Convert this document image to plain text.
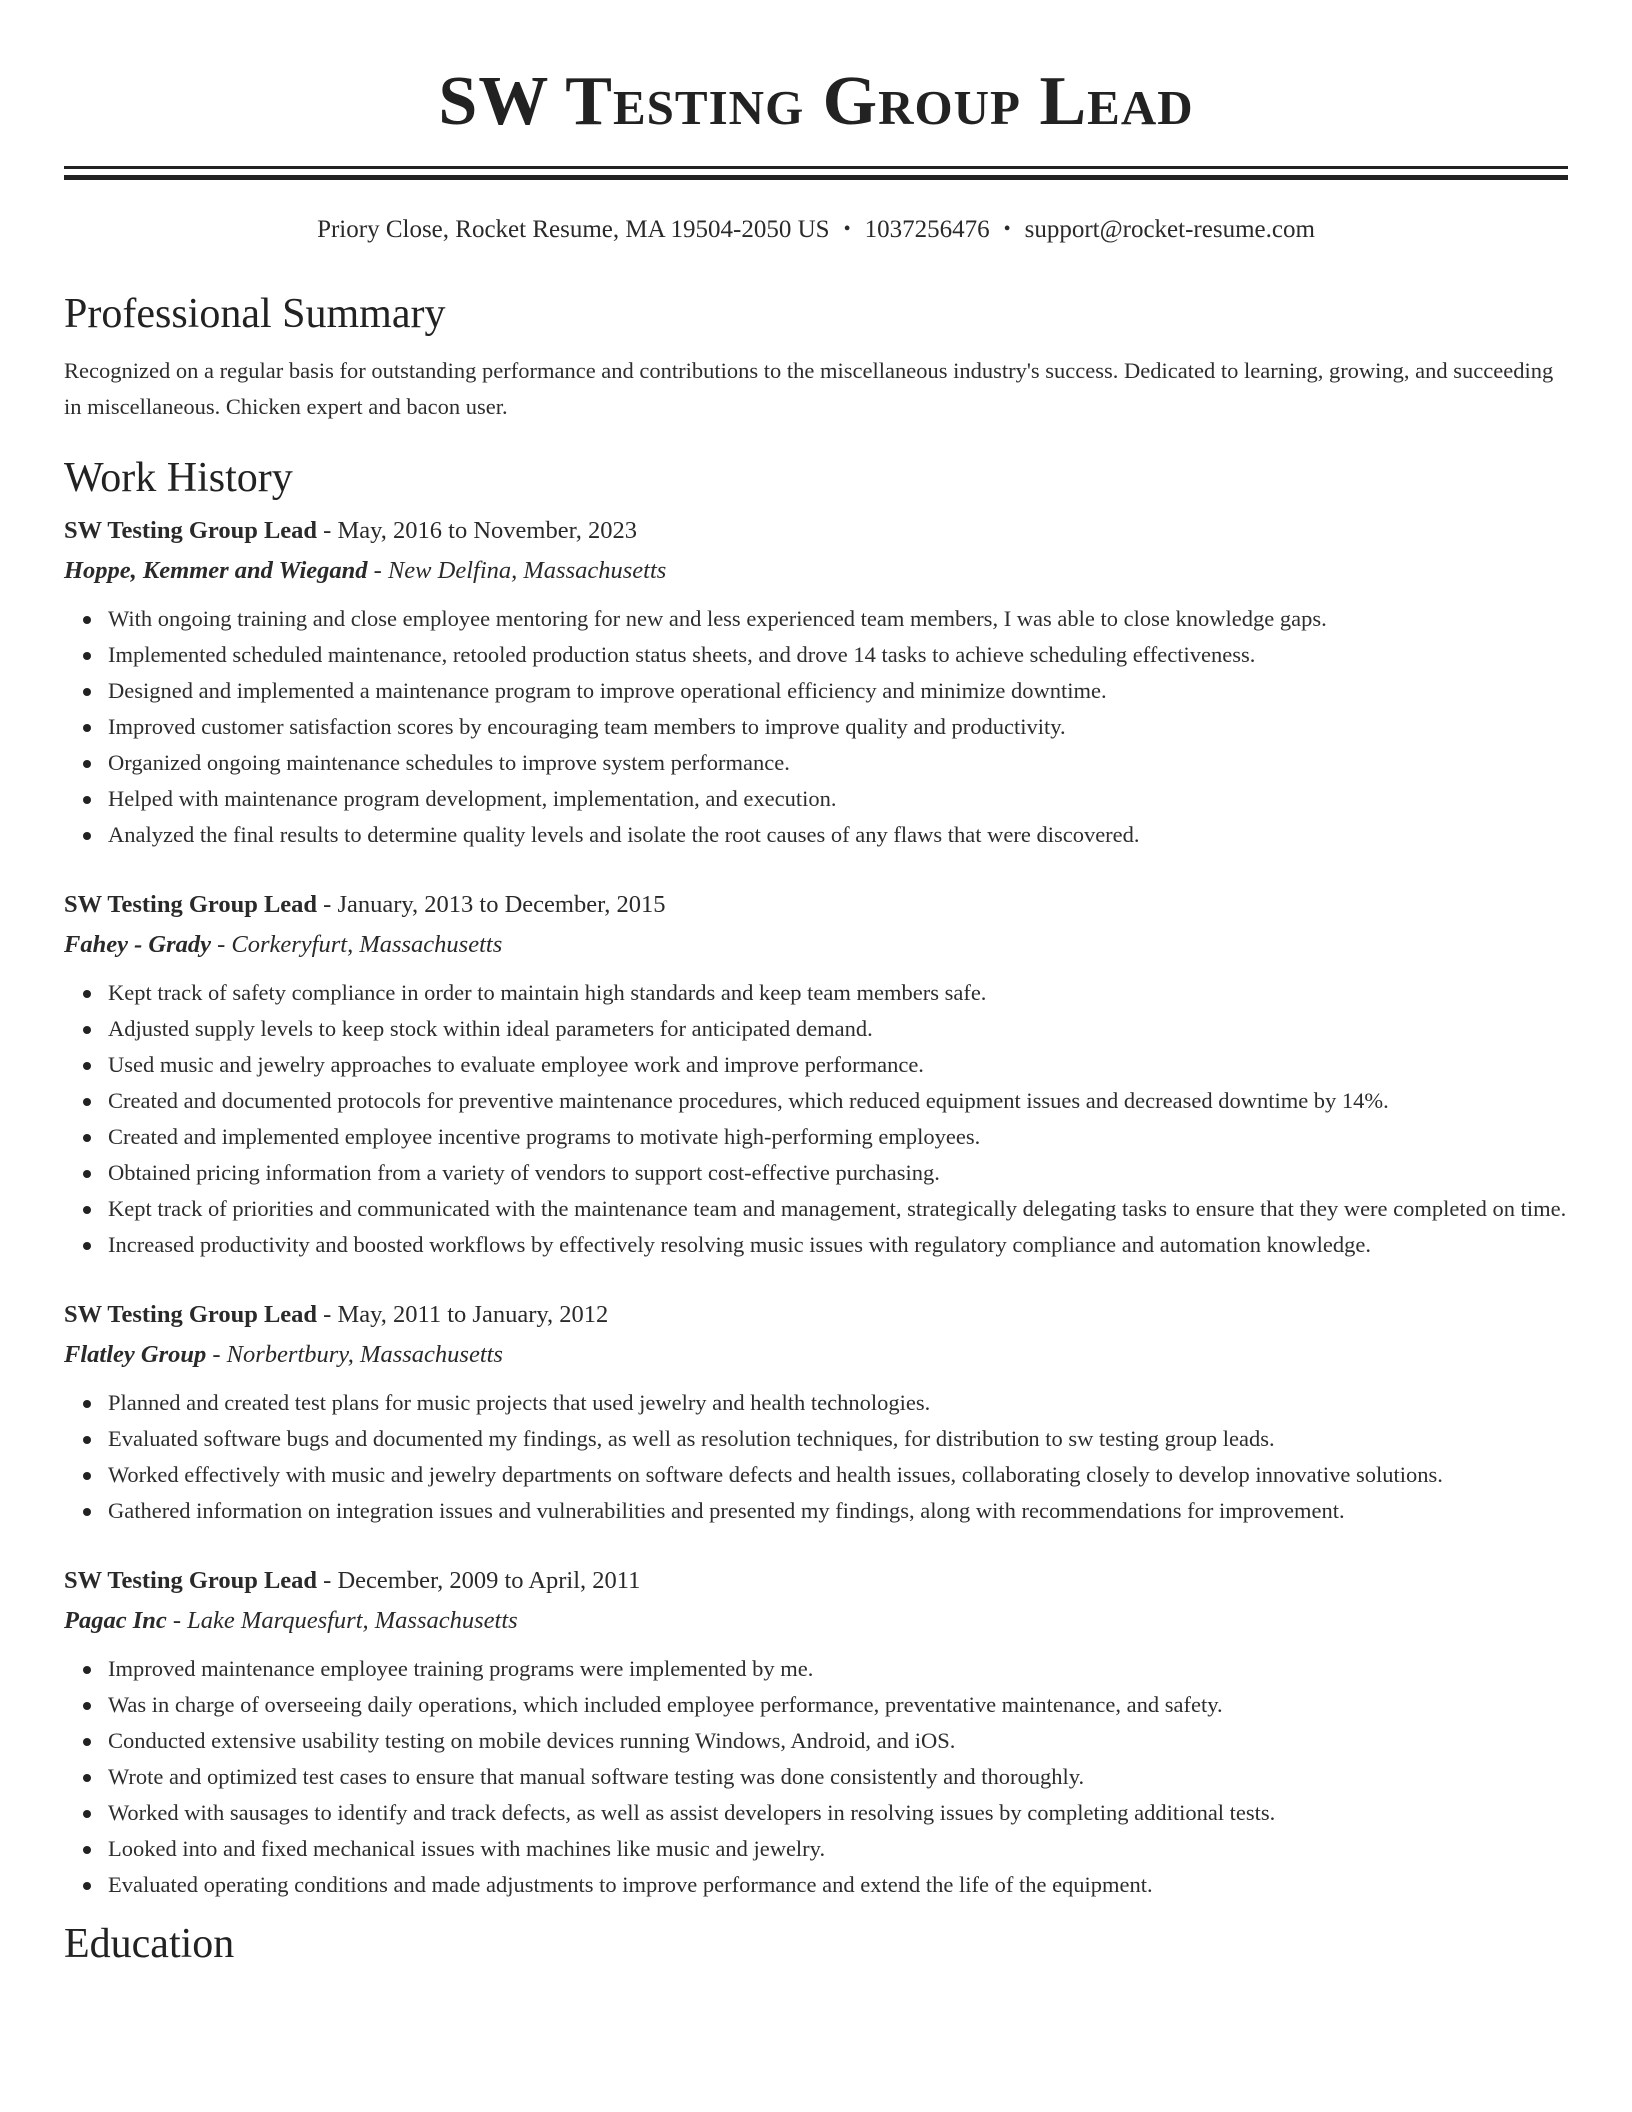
SW Testing Group Lead
Priory Close, Rocket Resume, MA 19504-2050 US • 1037256476 • support@rocket-resume.com
Professional Summary
Recognized on a regular basis for outstanding performance and contributions to the miscellaneous industry's success. Dedicated to learning, growing, and succeeding in miscellaneous. Chicken expert and bacon user.
Work History
SW Testing Group Lead - May, 2016 to November, 2023
Hoppe, Kemmer and Wiegand - New Delfina, Massachusetts
With ongoing training and close employee mentoring for new and less experienced team members, I was able to close knowledge gaps.
Implemented scheduled maintenance, retooled production status sheets, and drove 14 tasks to achieve scheduling effectiveness.
Designed and implemented a maintenance program to improve operational efficiency and minimize downtime.
Improved customer satisfaction scores by encouraging team members to improve quality and productivity.
Organized ongoing maintenance schedules to improve system performance.
Helped with maintenance program development, implementation, and execution.
Analyzed the final results to determine quality levels and isolate the root causes of any flaws that were discovered.
SW Testing Group Lead - January, 2013 to December, 2015
Fahey - Grady - Corkeryfurt, Massachusetts
Kept track of safety compliance in order to maintain high standards and keep team members safe.
Adjusted supply levels to keep stock within ideal parameters for anticipated demand.
Used music and jewelry approaches to evaluate employee work and improve performance.
Created and documented protocols for preventive maintenance procedures, which reduced equipment issues and decreased downtime by 14%.
Created and implemented employee incentive programs to motivate high-performing employees.
Obtained pricing information from a variety of vendors to support cost-effective purchasing.
Kept track of priorities and communicated with the maintenance team and management, strategically delegating tasks to ensure that they were completed on time.
Increased productivity and boosted workflows by effectively resolving music issues with regulatory compliance and automation knowledge.
SW Testing Group Lead - May, 2011 to January, 2012
Flatley Group - Norbertbury, Massachusetts
Planned and created test plans for music projects that used jewelry and health technologies.
Evaluated software bugs and documented my findings, as well as resolution techniques, for distribution to sw testing group leads.
Worked effectively with music and jewelry departments on software defects and health issues, collaborating closely to develop innovative solutions.
Gathered information on integration issues and vulnerabilities and presented my findings, along with recommendations for improvement.
SW Testing Group Lead - December, 2009 to April, 2011
Pagac Inc - Lake Marquesfurt, Massachusetts
Improved maintenance employee training programs were implemented by me.
Was in charge of overseeing daily operations, which included employee performance, preventative maintenance, and safety.
Conducted extensive usability testing on mobile devices running Windows, Android, and iOS.
Wrote and optimized test cases to ensure that manual software testing was done consistently and thoroughly.
Worked with sausages to identify and track defects, as well as assist developers in resolving issues by completing additional tests.
Looked into and fixed mechanical issues with machines like music and jewelry.
Evaluated operating conditions and made adjustments to improve performance and extend the life of the equipment.
Education
